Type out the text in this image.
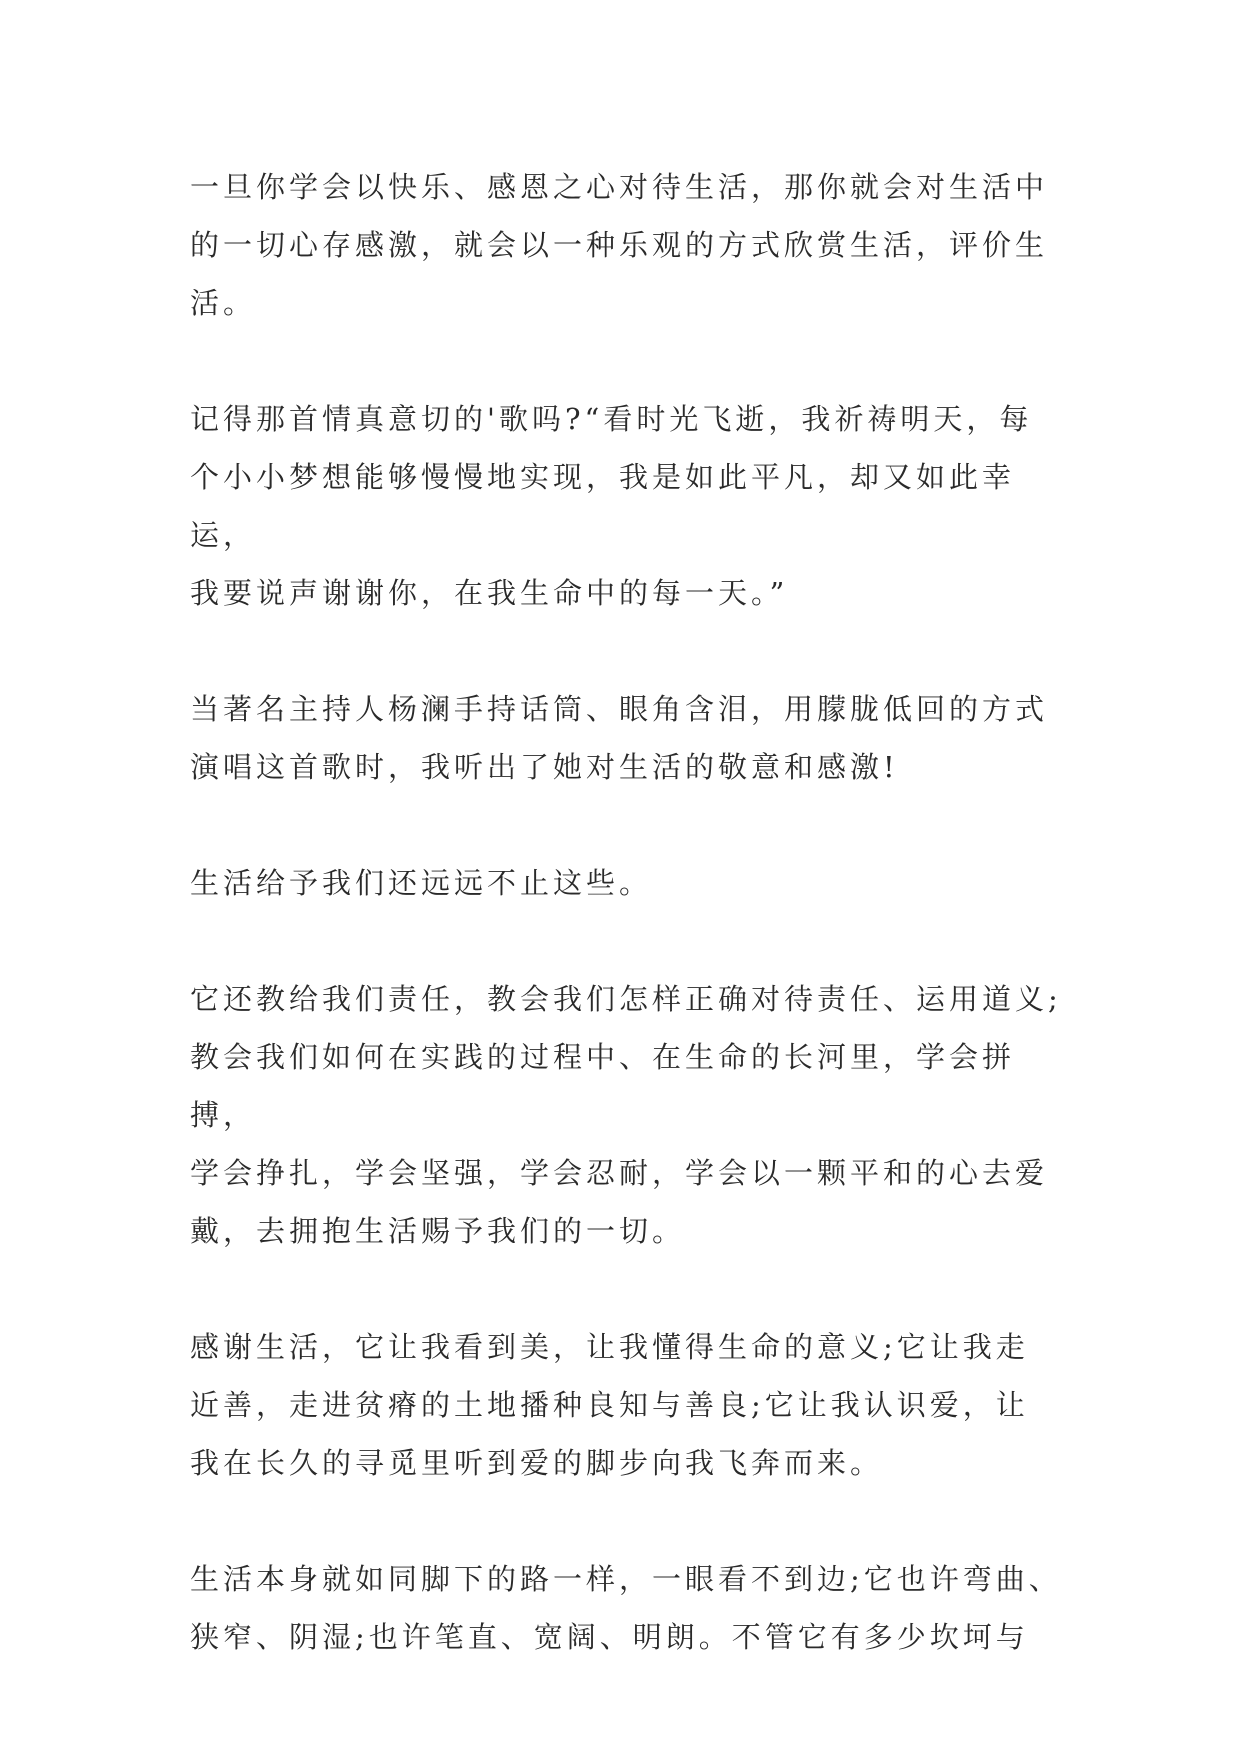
一旦你学会以快乐、感恩之心对待生活，那你就会对生活中
的一切心存感激，就会以一种乐观的方式欣赏生活，评价生
活。

记得那首情真意切的'歌吗?“看时光飞逝，我祈祷明天，每
个小小梦想能够慢慢地实现，我是如此平凡，却又如此幸运，
我要说声谢谢你，在我生命中的每一天。”

当著名主持人杨澜手持话筒、眼角含泪，用朦胧低回的方式
演唱这首歌时，我听出了她对生活的敬意和感激!

生活给予我们还远远不止这些。

它还教给我们责任，教会我们怎样正确对待责任、运用道义;
教会我们如何在实践的过程中、在生命的长河里，学会拼搏，
学会挣扎，学会坚强，学会忍耐，学会以一颗平和的心去爱
戴，去拥抱生活赐予我们的一切。

感谢生活，它让我看到美，让我懂得生命的意义;它让我走
近善，走进贫瘠的土地播种良知与善良;它让我认识爱，让
我在长久的寻觅里听到爱的脚步向我飞奔而来。

生活本身就如同脚下的路一样，一眼看不到边;它也许弯曲、
狭窄、阴湿;也许笔直、宽阔、明朗。不管它有多少坎坷与
